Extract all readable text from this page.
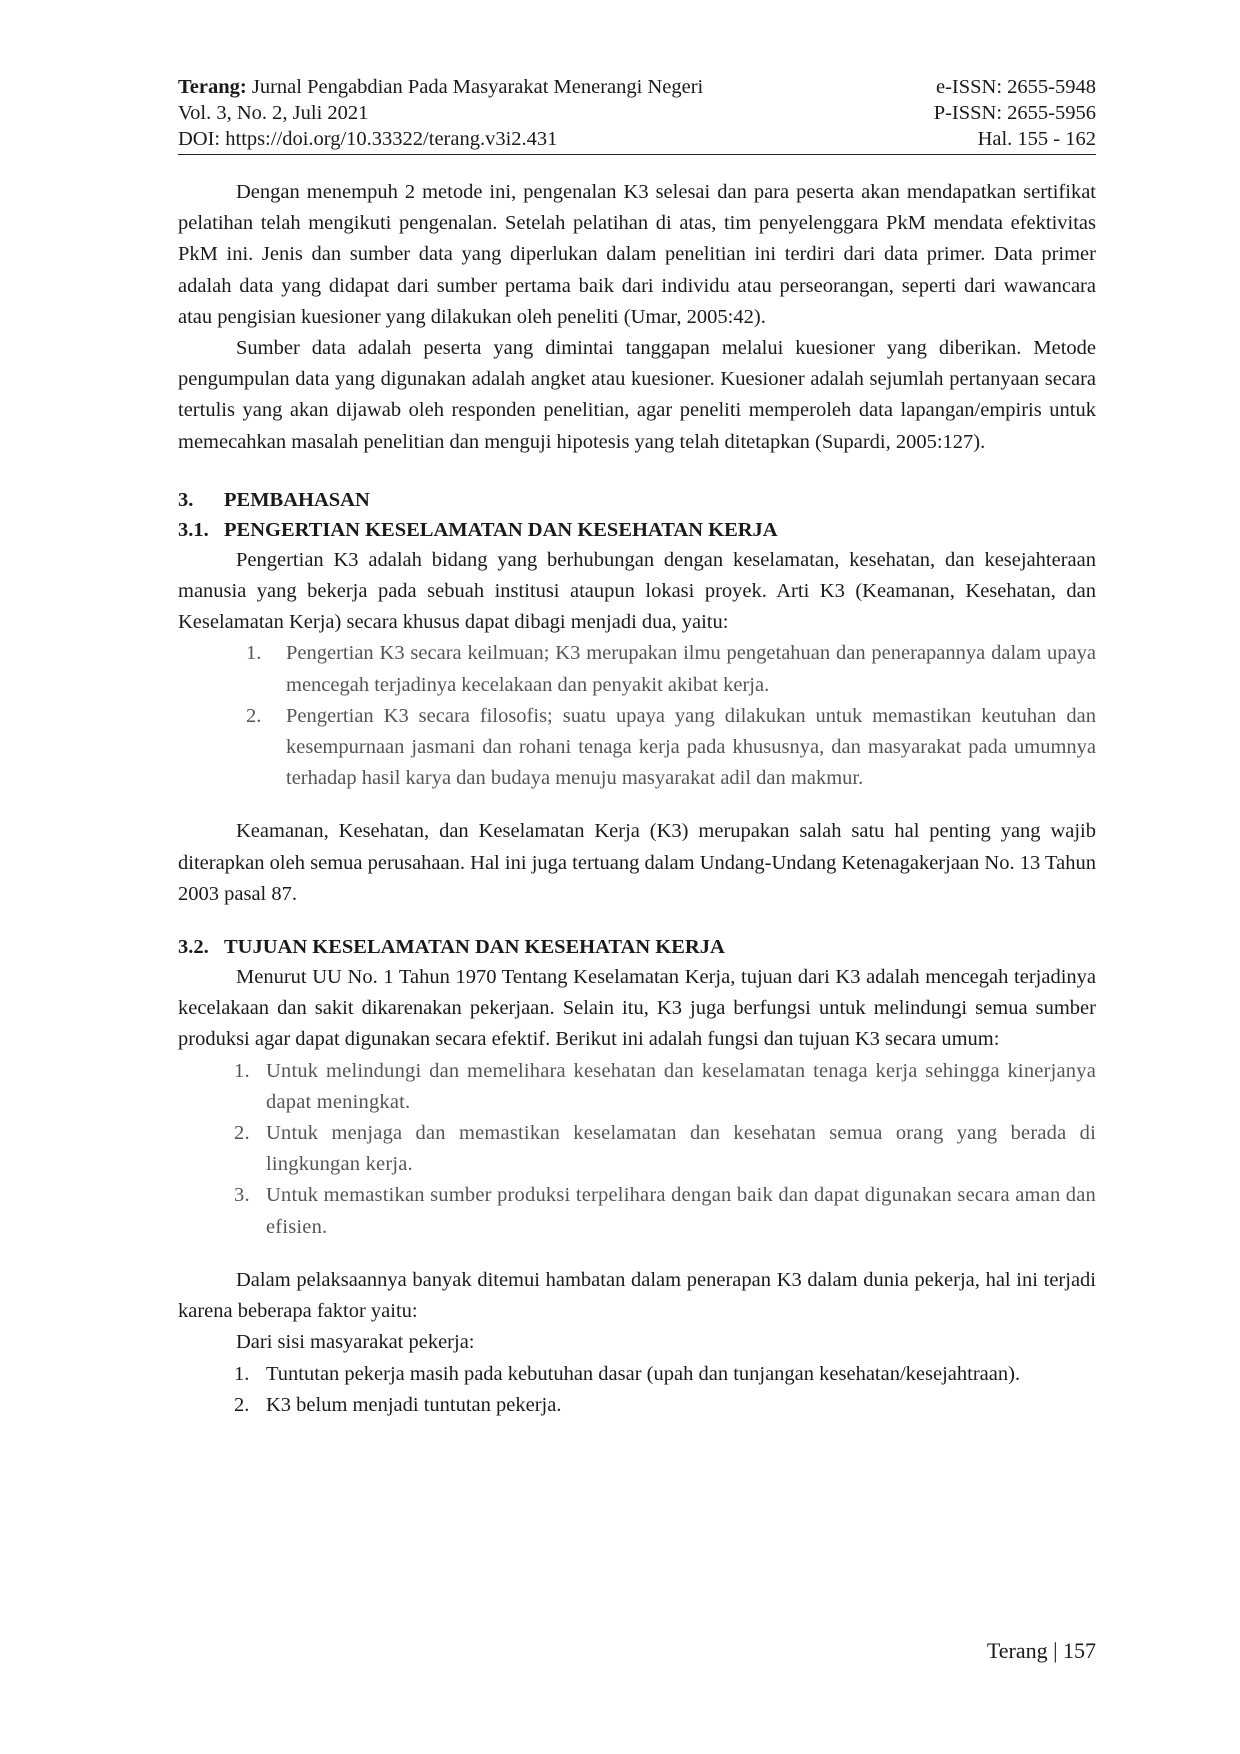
Terang: Jurnal Pengabdian Pada Masyarakat Menerangi Negeri	e-ISSN: 2655-5948
Vol. 3, No. 2, Juli 2021	P-ISSN: 2655-5956
DOI: https://doi.org/10.33322/terang.v3i2.431	Hal. 155 - 162

Dengan menempuh 2 metode ini, pengenalan K3 selesai dan para peserta akan mendapatkan sertifikat pelatihan telah mengikuti pengenalan. Setelah pelatihan di atas, tim penyelenggara PkM mendata efektivitas PkM ini. Jenis dan sumber data yang diperlukan dalam penelitian ini terdiri dari data primer. Data primer adalah data yang didapat dari sumber pertama baik dari individu atau perseorangan, seperti dari wawancara atau pengisian kuesioner yang dilakukan oleh peneliti (Umar, 2005:42).

Sumber data adalah peserta yang dimintai tanggapan melalui kuesioner yang diberikan. Metode pengumpulan data yang digunakan adalah angket atau kuesioner. Kuesioner adalah sejumlah pertanyaan secara tertulis yang akan dijawab oleh responden penelitian, agar peneliti memperoleh data lapangan/empiris untuk memecahkan masalah penelitian dan menguji hipotesis yang telah ditetapkan (Supardi, 2005:127).

3. PEMBAHASAN
3.1. PENGERTIAN KESELAMATAN DAN KESEHATAN KERJA

Pengertian K3 adalah bidang yang berhubungan dengan keselamatan, kesehatan, dan kesejahteraan manusia yang bekerja pada sebuah institusi ataupun lokasi proyek. Arti K3 (Keamanan, Kesehatan, dan Keselamatan Kerja) secara khusus dapat dibagi menjadi dua, yaitu:

1.	Pengertian K3 secara keilmuan; K3 merupakan ilmu pengetahuan dan penerapannya dalam upaya mencegah terjadinya kecelakaan dan penyakit akibat kerja.
2.	Pengertian K3 secara filosofis; suatu upaya yang dilakukan untuk memastikan keutuhan dan kesempurnaan jasmani dan rohani tenaga kerja pada khususnya, dan masyarakat pada umumnya terhadap hasil karya dan budaya menuju masyarakat adil dan makmur.

Keamanan, Kesehatan, dan Keselamatan Kerja (K3) merupakan salah satu hal penting yang wajib diterapkan oleh semua perusahaan. Hal ini juga tertuang dalam Undang-Undang Ketenagakerjaan No. 13 Tahun 2003 pasal 87.

3.2. TUJUAN KESELAMATAN DAN KESEHATAN KERJA

Menurut UU No. 1 Tahun 1970 Tentang Keselamatan Kerja, tujuan dari K3 adalah mencegah terjadinya kecelakaan dan sakit dikarenakan pekerjaan. Selain itu, K3 juga berfungsi untuk melindungi semua sumber produksi agar dapat digunakan secara efektif. Berikut ini adalah fungsi dan tujuan K3 secara umum:

1. Untuk melindungi dan memelihara kesehatan dan keselamatan tenaga kerja sehingga kinerjanya dapat meningkat.
2. Untuk menjaga dan memastikan keselamatan dan kesehatan semua orang yang berada di lingkungan kerja.
3. Untuk memastikan sumber produksi terpelihara dengan baik dan dapat digunakan secara aman dan efisien.

Dalam pelaksaannya banyak ditemui hambatan dalam penerapan K3 dalam dunia pekerja, hal ini terjadi karena beberapa faktor yaitu:

Dari sisi masyarakat pekerja:

1. Tuntutan pekerja masih pada kebutuhan dasar (upah dan tunjangan kesehatan/kesejahtraan).
2. K3 belum menjadi tuntutan pekerja.
Terang | 157
